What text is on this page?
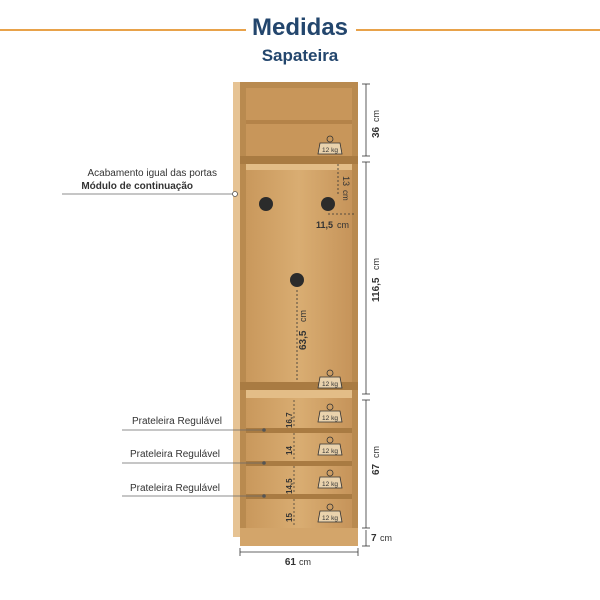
Medidas
Sapateira
13
cm
11,5 cm
63,5
cm
16,7
14
14,5
15
12 kg
12 kg
12 kg
12 kg
12 kg
12 kg
36
cm
116,5
cm
67
cm
7 cm
61 cm
Acabamento igual das portas
Módulo de continuação
Prateleira Regulável
Prateleira Regulável
Prateleira Regulável
